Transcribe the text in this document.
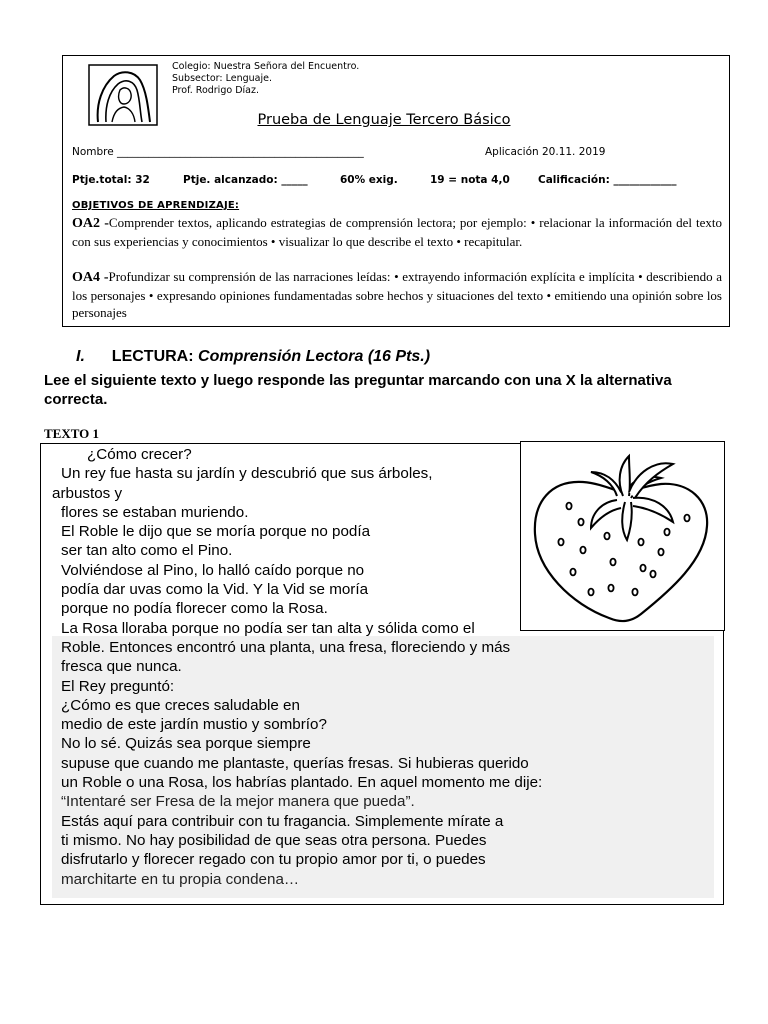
Colegio: Nuestra Señora del Encuentro.
Subsector: Lenguaje.
Prof. Rodrigo Díaz.
Prueba de Lenguaje Tercero Básico
Nombre _______________________________________________	Aplicación 20.11. 2019
Ptje.total: 32	Ptje. alcanzado: _____	60% exig.	19 = nota 4,0	Calificación: ____________
OBJETIVOS DE APRENDIZAJE:
OA2 -Comprender textos, aplicando estrategias de comprensión lectora; por ejemplo: • relacionar la información del texto con sus experiencias y conocimientos • visualizar lo que describe el texto • recapitular.
OA4 -Profundizar su comprensión de las narraciones leídas: • extrayendo información explícita e implícita • describiendo a los personajes • expresando opiniones fundamentadas sobre hechos y situaciones del texto • emitiendo una opinión sobre los personajes
I. LECTURA: Comprensión Lectora (16 Pts.)
Lee el siguiente texto y luego responde las preguntar marcando con una X la alternativa correcta.
TEXTO 1
¿Cómo crecer?
Un rey fue hasta su jardín y descubrió que sus árboles,
arbustos y
flores se estaban muriendo.
El Roble le dijo que se moría porque no podía
ser tan alto como el Pino.
Volviéndose al Pino, lo halló caído porque no
podía dar uvas como la Vid. Y la Vid se moría
porque no podía florecer como la Rosa.
La Rosa lloraba porque no podía ser tan alta y sólida como el
Roble. Entonces encontró una planta, una fresa, floreciendo y más
fresca que nunca.
El Rey preguntó:
¿Cómo es que creces saludable en
medio de este jardín mustio y sombrío?
No lo sé. Quizás sea porque siempre
supuse que cuando me plantaste, querías fresas. Si hubieras querido
un Roble o una Rosa, los habrías plantado. En aquel momento me dije:
“Intentaré ser Fresa de la mejor manera que pueda”.
Estás aquí para contribuir con tu fragancia. Simplemente mírate a
ti mismo. No hay posibilidad de que seas otra persona. Puedes
disfrutarlo y florecer regado con tu propio amor por ti, o puedes
marchitarte en tu propia condena…
